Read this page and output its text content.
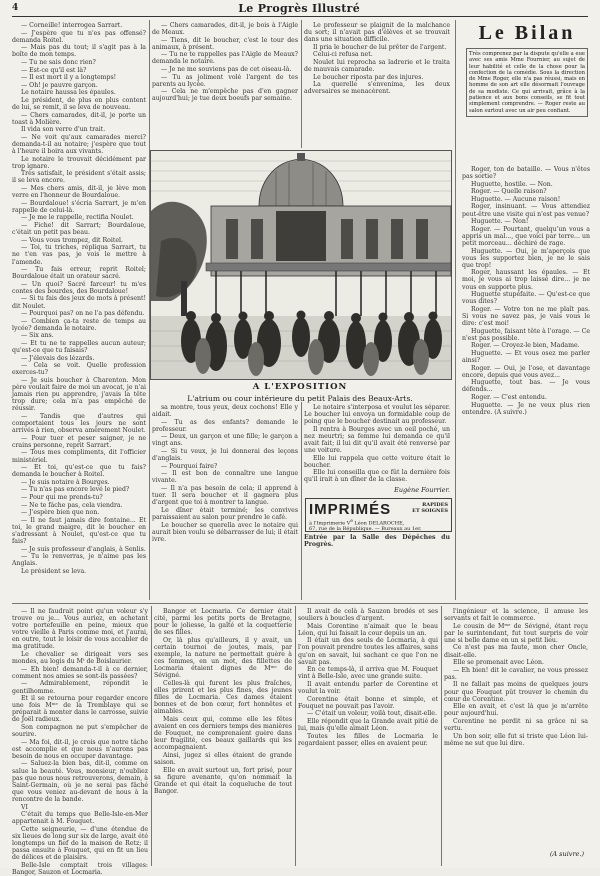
4	Le Progrès Illustré

— Corneille! interrogea Sarrart.

— J'espère que tu n'es pas offensé? demanda Roitel.

— Mais pas du tout; il s'agit pas à la boîte de mon temps.

— Tu ne sais donc rien?

— Est-ce qu'il est là?

— Il est mort il y a longtemps!

— Oh! je pauvre garçon.

Le notaire haussa les épaules.

Le président, de plus en plus content de lui, se remit, il se leva de nouveau.

— Chers camarades, dit-il, je porte un toast à Molière.

Il vida son verre d'un trait.

— Ne voit qu'aux camarades merci? demanda-t-il au notaire; j'espère que tout à l'heure il boira aux vivants.

Le notaire le trouvait décidément par trop ignare.

Très satisfait, le président s'était assis; il se leva encore.

— Mes chers amis, dit-il, je lève mon verre en l'honneur de Bourdaloue.

— Bourdaloue! s'écria Sarrart, je m'en rappelle de celui-là.

— Je me le rappelle, rectifia Noulet.

— Fiche! dit Sarrart; Bourdaloue, c'était un petit pas beau.

— Vous vous trompez, dit Roitel.

— Toi, tu triches, répliqua Sarrart, tu ne t'en vas pas, je vois le mettre à l'amende.

— Tu fais erreur, reprit Roitel; Bourdaloue était un orateur sacré.

— Un quoi? Sacré farceur! tu m'es contes des bourdes, des Bourdaloue!

— Si tu fais des jeux de mots à présent! dit Noulet.

— Pourquoi pas? on ne l'a pas défendu.

— Combien ça-ta reste de temps au lycée? demanda le notaire.

— Six ans.

— Et tu ne te rappelles aucun auteur; qu'est-ce que tu faisais?

— J'élevais des lézards.

— Cela se voit. Quelle profession exerces-tu?

— Je suis boucher à Charenton. Mon père voulait faire de moi un avocat, je n'ai jamais rien pu apprendre, j'avais la tête trop dure; cela m'a pas empêché de réussir.

— Tandis que d'autres qui comportaient tous les jours ne sont arrivés à rien, observa amèrement Noulet.

— Pour tuer et peser saigner, je ne crains personne, reprit Sarrart.

— Tous mes compliments, dit l'officier ministériel.

— Et toi, qu'est-ce que tu fais? demanda le boucher à Roitel.

— Je suis notaire à Bourges.

— Tu n'as pas encore levé le pied?

— Pour qui me prends-tu?

— Ne te fâche pas, cela viendra.

— J'espère bien que non.

— Il ne faut jamais dire fontaine... Et toi, le grand maigre, dit le boucher en s'adressant à Noulet, qu'est-ce que tu fais?

— Je suis professeur d'anglais, à Senlis.

— Tu le renverras, je n'aime pas les Anglais.

Le président se leva.

— Chers camarades, dit-il, je bois à l'Aigle de Meaux.

— Tiens, dit le boucher, c'est le tour des animaux, à présent.

— Tu ne te rappelles pas l'Aigle de Meaux? demanda le notaire.

— Je ne me souviens pas de cet oiseau-là.

— Tu as joliment volé l'argent de tes parents au lycée.

— Cela ne m'empêche pas d'en gagner aujourd'hui; je tue deux boeufs par semaine.

Le professeur se plaignit de la malchance du sort; il n'avait pas d'élèves et se trouvait dans une situation difficile.

Il pria le boucher de lui prêter de l'argent.

Celui-ci refusa net.

Noulet lui reprocha sa ladrerie et le traita de mauvais camarade.

Le boucher riposta par des injures.

La querelle s'envenima, les deux adversaires se menacèrent.

A L'EXPOSITION
L'atrium ou cour intérieure du petit Palais des Beaux-Arts.

sa montre, tous yeux, deux cochons! Elle y aidait.

— Tu as des enfants? demande le professeur.

— Deux, un garçon et une fille; le garçon a vingt ans.

— Si tu veux, je lui donnerai des leçons d'anglais.

— Pourquoi faire?

— Il est bon de connaître une langue vivante.

— Il n'a pas besoin de cela; il apprend à tuer. Il sera boucher et il gagnera plus d'argent que toi à montrer ta langue.

Le dîner était terminé; les convives paraissaient au salon pour prendre le café.

Le boucher se querella avec le notaire qui aurait bien voulu se débarrasser de lui; il était ivre.

Le notaire s'interposa et voulut les séparer. Le boucher lui envoya un formidable coup de poing que le boucher destinait au professeur.

Il rentra à Bourges avec un oeil poché, un nez meurtri; sa femme lui demanda ce qu'il avait fait; il lui dit qu'il avait été renversé par une voiture.

Elle lui rappela que cette voiture était le boucher.

Elle lui conseilla que ce fût la dernière fois qu'il irait à un dîner de la classe.

Eugène Fourrier.
IMPRIMÉS	RAPIDES
ET SOIGNÉS
à l'Imprimerie Ve Léon DELAROCHE,
67, rue de la République. — Bureaux au 1er.

Entrée par la Salle des Dépêches du Progrès.

Le Bilan
Très comprenez par la dispute qu'elle a eue avec ses amis Mme Fournier, au sujet de leur habilité et celle de la chose pour la confection de la comédie. Sous la direction de Mme Roger, elle n'a pas réussi, mais en homme de son art elle désormait l'ouvrage de sa modiste. Ce qui arrivait, grâce à la patience et aux bons conseils, se fit tout simplement comprendre. — Roger reste au salon surtout avec un air peu confiant.

Roger, ton de bataille. — Vous n'êtes pas sortie?

Huguette, hostile. — Non.

Roger. — Quelle raison?

Huguette. — Aucune raison!

Roger, insinuant. — Vous attendiez peut-être une visite qui n'est pas venue?

Huguette. — Non!

Roger. — Pourtant, quelqu'un vous a appris un mal..., que voici par terre... un petit morceau... déchiré de rage.

Huguette. — Oui, je m'aperçois que vous les supportez bien, je ne le sais que trop!

Roger, haussant les épaules. — Et moi, je vous ai trop laissé dire... je ne vous en supporte plus.

Huguette stupéfaite. — Qu'est-ce que vous dites?

Roger. — Votre ton ne me plaît pas. Si vous ne savez pas, je vais vous le dire: c'est moi!

Huguette, faisant tête à l'orage. — Ce n'est pas possible.

Roger. — Croyez-le bien, Madame.

Huguette. — Et vous osez me parler ainsi?

Roger. — Oui, je l'ose, et davantage encore, depuis que vous avez...

Huguette, tout bas. — Je vous défends...

Roger. — C'est entendu.

Huguette. — Je ne veux plus rien entendre. (A suivre.)

— Il ne faudrait point qu'un voleur s'y trouve ou je... Vous auriez, en achetant votre portefeuille en peine, mieux que votre vieille à Paris comme moi, et j'aurai, en outre, tout le loisir de vous accabler de ma gratitude.

Le chevalier se dirigeait vers ses mondes, au logis du Mᵗ de Boislaurier.

— Eh bien! demanda-t-il à ce dernier, comment nos amies se sont-ils passées?

— Admirablement, répondit le gentilhomme.

Et il se retourna pour regarder encore une fois Mᵐᵉ de la Tremblaye qui se préparait à monter dans le carrosse, suivie de Joël radieux.

Son compagnon ne put s'empêcher de sourire.

— Ma foi, dit-il, je crois que notre tâche est accomplie et que nous n'aurons pas besoin de nous en occuper davantage.

— Saluez-la bien bas, dit-il, comme on salue la beauté. Vous, monsieur, n'oubliez pas que nous nous retrouverons, demain, à Saint-Germain, où je ne serai pas fâché que vous veniez au-devant de nous à la rencontre de la bande.

VI

C'était du temps que Belle-Isle-en-Mer appartenait à M. Fouquet.

Cette seigneurie, — d'une étendue de six lieues de long sur six de large, avait été longtemps un fief de la maison de Retz; il passa ensuite à Fouquet, qui en fit un lieu de délices et de plaisirs.

Belle-Isle comptait trois villages: Bangor, Sauzon et Locmaria.

Bangor et Locmaria. Ce dernier était cité, parmi les petits ports de Bretagne, pour le joliesse, la gaîté et la coquetterie de ses filles.

Or, là plus qu'ailleurs, il y avait, un certain tournoi de joutes, mais, par exemple, la nature ne permettait guère à ces femmes, en un mot, des fillettes de Locmaria étaient dignes de Mᵐᵉ de Sévigné.

Celles-là qui furent les plus fraîches, elles prirent et les plus fines, des jeunes filles de Locmaria. Ces dames étaient bonnes et de bon cœur, fort honnêtes et aimables.

Mais ceux qui, comme elle les fêtes avaient en ces derniers temps des manières de Fouquet, ne comprenaient guère dans leur fragilité, ces beaux gaillards qui les accompagnaient.

Ainsi, jugez si elles étaient de grande saison.

Elle en avait surtout un, fort prisé, pour sa figure avenante, qu'on nommait la Grande et qui était la coqueluche de tout Bangor.

Il avait de celà à Sauzon brodés et ses souliers à boucles d'argent.

Mais Corentine n'aimait que le beau Léon, qui lui faisait la cour depuis un an.

Il était un des seuls de Locmaria, à qui l'on pouvait prendre toutes les affaires, sans qu'on en savait, lui sachant ce que l'on ne savait pas.

En ce temps-là, il arriva que M. Fouquet vint à Belle-Isle, avec une grande suite.

Il avait entendu parler de Corentine et voulut la voir.

Corentine était bonne et simple, et Fouquet ne pouvait pas l'avoir.

— C'était un voleur, voilà tout, disait-elle.

Elle répondit que la Grande avait pitié de lui, mais qu'elle aimait Léon.

Toutes les filles de Locmaria le regardaient passer, elles en avaient peur.

l'ingénieur et la science, il amuse les servants et fait le commerce.

Le cousin de Mᵐᵉ de Sévigné, étant reçu par le surintendant, fut tout surpris de voir une si belle dame en un si petit lieu.

Ce n'est pas ma faute, mon cher Oncle, disait-elle.

Elle se promenait avec Léon.

— Eh bien! dit le cavalier, ne vous pressez pas.

Il ne fallait pas moins de quelques jours pour que Fouquet pût trouver le chemin du cœur de Corentine.

Elle en avait, et c'est là que je m'arrête pour aujourd'hui.

Corentine ne perdit ni sa grâce ni sa vertu.

Un bon soir, elle fut si triste que Léon lui-même ne sut que lui dire.

(A suivre.)
